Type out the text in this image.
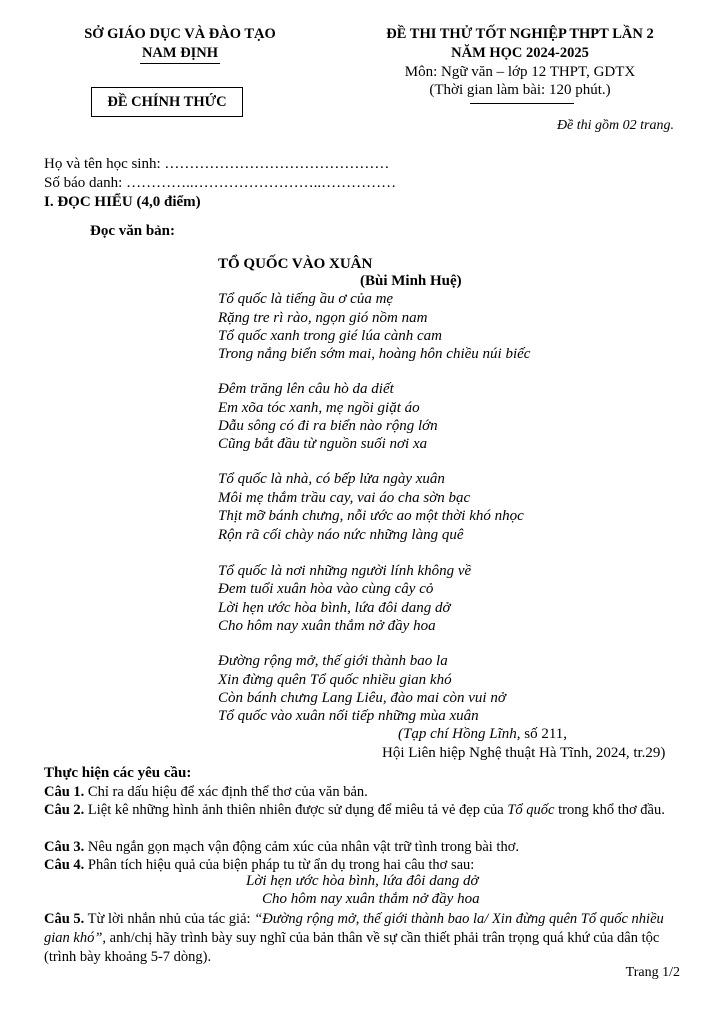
SỞ GIÁO DỤC VÀ ĐÀO TẠO
NAM ĐỊNH
ĐỀ CHÍNH THỨC
ĐỀ THI THỬ TỐT NGHIỆP THPT LẦN 2
NĂM HỌC 2024-2025
Môn: Ngữ văn – lớp 12 THPT, GDTX
(Thời gian làm bài: 120 phút.)
Đề thi gồm 02 trang.
Họ và tên học sinh: ………………………………………
Số báo danh: …………..……………………..……………
I. ĐỌC HIỂU (4,0 điểm)
Đọc văn bản:
TỔ QUỐC VÀO XUÂN
(Bùi Minh Huệ)
Tổ quốc là tiếng ầu ơ của mẹ
Rặng tre rì rào, ngọn gió nồm nam
Tổ quốc xanh trong gié lúa cành cam
Trong nắng biển sớm mai, hoàng hôn chiều núi biếc
Đêm trăng lên câu hò da diết
Em xõa tóc xanh, mẹ ngồi giặt áo
Dẫu sông có đi ra biển nào rộng lớn
Cũng bắt đầu từ nguồn suối nơi xa
Tổ quốc là nhà, có bếp lửa ngày xuân
Môi mẹ thắm trầu cay, vai áo cha sờn bạc
Thịt mỡ bánh chưng, nỗi ước ao một thời khó nhọc
Rộn rã cối chày náo nức những làng quê
Tổ quốc là nơi những người lính không về
Đem tuổi xuân hòa vào cùng cây cỏ
Lời hẹn ước hòa bình, lứa đôi dang dở
Cho hôm nay xuân thắm nở đầy hoa
Đường rộng mở, thế giới thành bao la
Xin đừng quên Tổ quốc nhiều gian khó
Còn bánh chưng Lang Liêu, đào mai còn vui nở
Tổ quốc vào xuân nối tiếp những mùa xuân
(Tạp chí Hồng Lĩnh, số 211,
Hội Liên hiệp Nghệ thuật Hà Tĩnh, 2024, tr.29)
Thực hiện các yêu cầu:
Câu 1. Chỉ ra dấu hiệu để xác định thể thơ của văn bản.
Câu 2. Liệt kê những hình ảnh thiên nhiên được sử dụng để miêu tả vẻ đẹp của Tổ quốc trong khổ thơ đầu.
Câu 3. Nêu ngắn gọn mạch vận động cảm xúc của nhân vật trữ tình trong bài thơ.
Câu 4. Phân tích hiệu quả của biện pháp tu từ ẩn dụ trong hai câu thơ sau:
Lời hẹn ước hòa bình, lứa đôi dang dở
Cho hôm nay xuân thắm nở đầy hoa
Câu 5. Từ lời nhắn nhủ của tác giả: “Đường rộng mở, thế giới thành bao la/ Xin đừng quên Tổ quốc nhiều gian khó”, anh/chị hãy trình bày suy nghĩ của bản thân về sự cần thiết phải trân trọng quá khứ của dân tộc (trình bày khoảng 5-7 dòng).
Trang 1/2
